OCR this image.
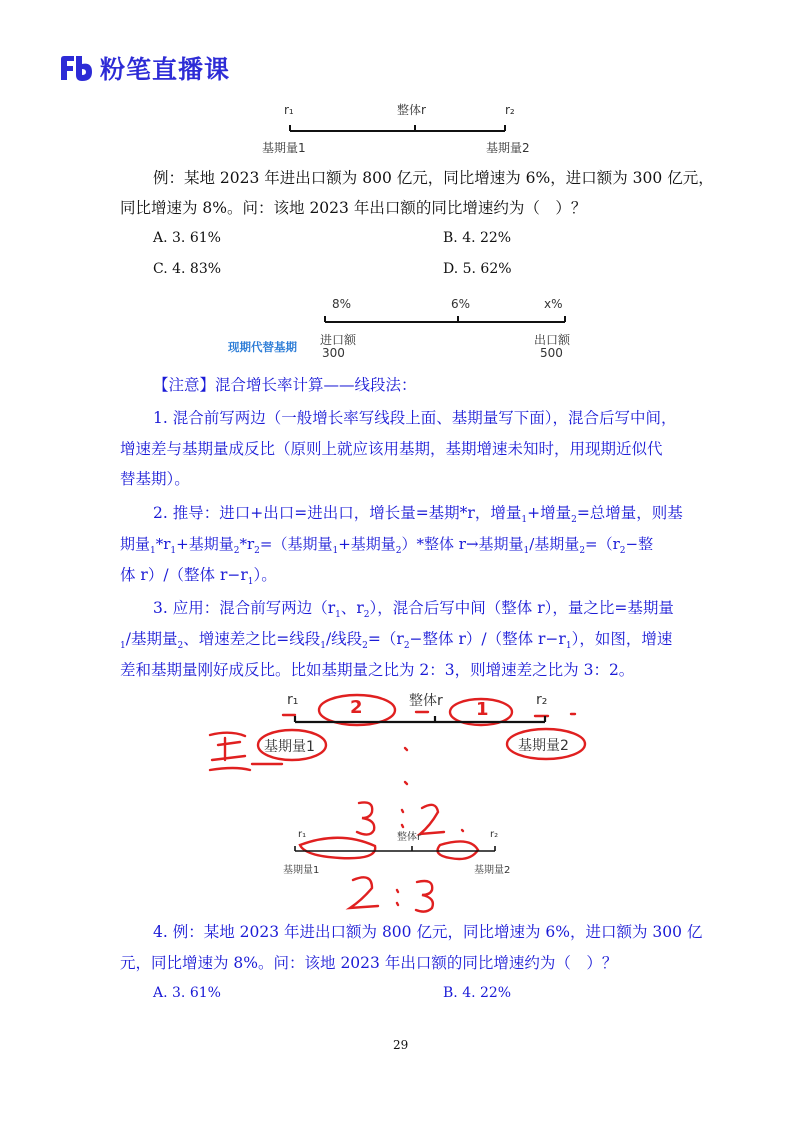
粉笔直播课
r₁	整体r	r₂
基期量1	基期量2
例：某地 2023 年进出口额为 800 亿元，同比增速为 6%，进口额为 300 亿元，
同比增速为 8%。问：该地 2023 年出口额的同比增速约为（　）？
A. 3. 61%	B. 4. 22%
C. 4. 83%	D. 5. 62%
8%	6%	x%
进口额
300
出口额
500
现期代替基期
【注意】混合增长率计算——线段法：
1. 混合前写两边（一般增长率写线段上面、基期量写下面），混合后写中间，
增速差与基期量成反比（原则上就应该用基期，基期增速未知时，用现期近似代
替基期）。
2. 推导：进口+出口=进出口，增长量=基期*r，增量$_1$+增量$_2$=总增量，则基
期量$_1*r_1+$基期量$_2*r_2=$（基期量$_1$+基期量$_2$）*整体 r→基期量$_1$/基期量$_2=(r_2-$整
体 r）/（整体 $r-r_1$）。
3. 应用：混合前写两边（$r_1$、$r_2$），混合后写中间（整体 r），量之比=基期量
$_1$/基期量$_2$、增速差之比=线段$_1$/线段$_2=(r_2-$整体 r）/（整体 $r-r_1$），如图，增速
差和基期量刚好成反比。比如基期量之比为 2：3，则增速差之比为 3：2。
r₁	整体r	r₂
基期量1	基期量2
2	1
r₁	整体r	r₂
基期量1	基期量2
4. 例：某地 2023 年进出口额为 800 亿元，同比增速为 6%，进口额为 300 亿
元，同比增速为 8%。问：该地 2023 年出口额的同比增速约为（　）？
A. 3. 61%	B. 4. 22%
29
